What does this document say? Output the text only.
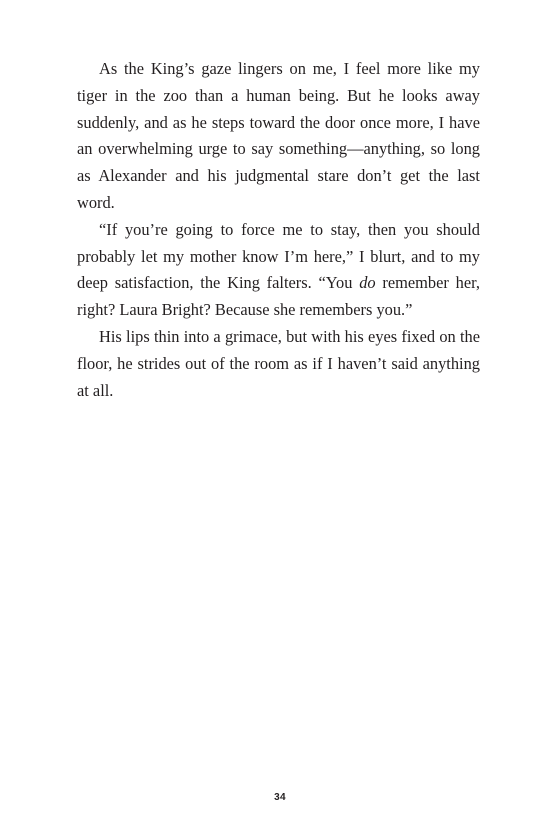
As the King’s gaze lingers on me, I feel more like my tiger in the zoo than a human being. But he looks away suddenly, and as he steps toward the door once more, I have an overwhelming urge to say something—anything, so long as Alexander and his judgmental stare don’t get the last word.

“If you’re going to force me to stay, then you should probably let my mother know I’m here,” I blurt, and to my deep satisfaction, the King falters. “You do remember her, right? Laura Bright? Because she remembers you.”

His lips thin into a grimace, but with his eyes fixed on the floor, he strides out of the room as if I haven’t said anything at all.

34
